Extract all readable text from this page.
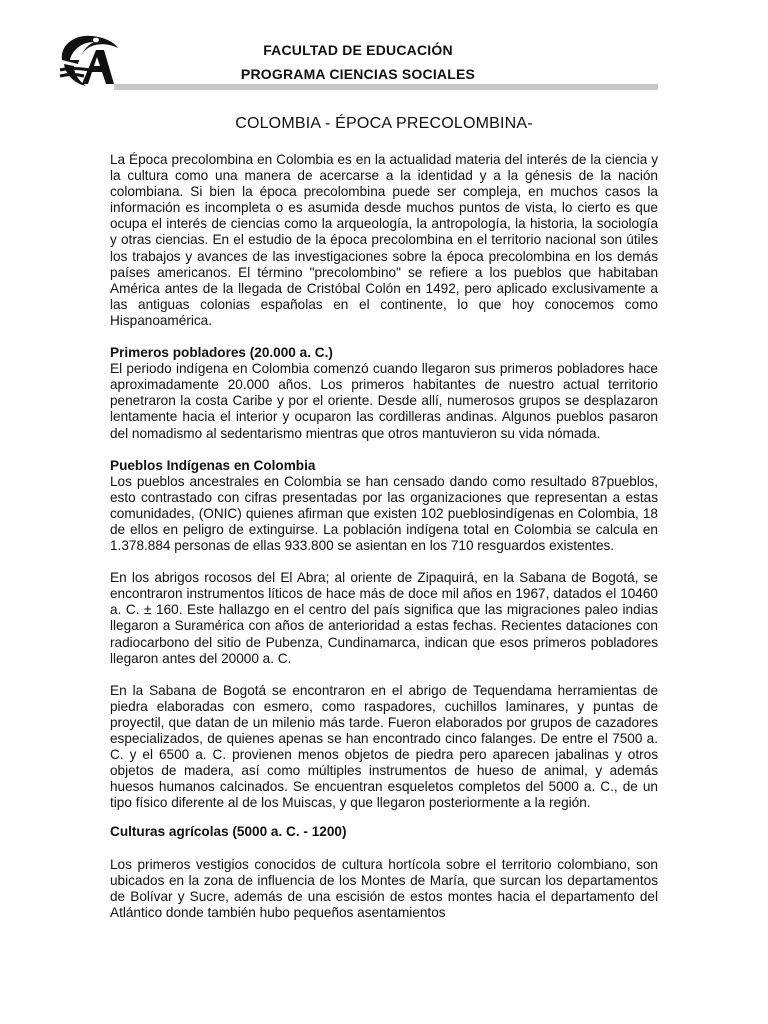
FACULTAD DE EDUCACIÓN
PROGRAMA CIENCIAS SOCIALES
COLOMBIA - ÉPOCA PRECOLOMBINA-

La Época precolombina en Colombia es en la actualidad materia del interés de la ciencia y la cultura como una manera de acercarse a la identidad y a la génesis de la nación colombiana. Si bien la época precolombina puede ser compleja, en muchos casos la información es incompleta o es asumida desde muchos puntos de vista, lo cierto es que ocupa el interés de ciencias como la arqueología, la antropología, la historia, la sociología y otras ciencias. En el estudio de la época precolombina en el territorio nacional son útiles los trabajos y avances de las investigaciones sobre la época precolombina en los demás países americanos. El término "precolombino" se refiere a los pueblos que habitaban América antes de la llegada de Cristóbal Colón en 1492, pero aplicado exclusivamente a las antiguas colonias españolas en el continente, lo que hoy conocemos como Hispanoamérica.

Primeros pobladores (20.000 a. C.)

El periodo indígena en Colombia comenzó cuando llegaron sus primeros pobladores hace aproximadamente 20.000 años. Los primeros habitantes de nuestro actual territorio penetraron la costa Caribe y por el oriente. Desde allí, numerosos grupos se desplazaron lentamente hacia el interior y ocuparon las cordilleras andinas. Algunos pueblos pasaron del nomadismo al sedentarismo mientras que otros mantuvieron su vida nómada.

Pueblos Indígenas en Colombia

Los pueblos ancestrales en Colombia se han censado dando como resultado 87pueblos, esto contrastado con cifras presentadas por las organizaciones que representan a estas comunidades, (ONIC) quienes afirman que existen 102 pueblosindígenas en Colombia, 18 de ellos en peligro de extinguirse. La población indígena total en Colombia se calcula en 1.378.884 personas de ellas 933.800 se asientan en los 710 resguardos existentes.

En los abrigos rocosos del El Abra; al oriente de Zipaquirá, en la Sabana de Bogotá, se encontraron instrumentos líticos de hace más de doce mil años en 1967, datados el 10460 a. C. ± 160. Este hallazgo en el centro del país significa que las migraciones paleo indias llegaron a Suramérica con años de anterioridad a estas fechas. Recientes dataciones con radiocarbono del sitio de Pubenza, Cundinamarca, indican que esos primeros pobladores llegaron antes del 20000 a. C.

En la Sabana de Bogotá se encontraron en el abrigo de Tequendama herramientas de piedra elaboradas con esmero, como raspadores, cuchillos laminares, y puntas de proyectil, que datan de un milenio más tarde. Fueron elaborados por grupos de cazadores especializados, de quienes apenas se han encontrado cinco falanges. De entre el 7500 a. C. y el 6500 a. C. provienen menos objetos de piedra pero aparecen jabalinas y otros objetos de madera, así como múltiples instrumentos de hueso de animal, y además huesos humanos calcinados. Se encuentran esqueletos completos del 5000 a. C., de un tipo físico diferente al de los Muiscas, y que llegaron posteriormente a la región.

Culturas agrícolas (5000 a. C. - 1200)

Los primeros vestigios conocidos de cultura hortícola sobre el territorio colombiano, son ubicados en la zona de influencia de los Montes de María, que surcan los departamentos de Bolívar y Sucre, además de una escisión de estos montes hacia el departamento del Atlántico donde también hubo pequeños asentamientos
